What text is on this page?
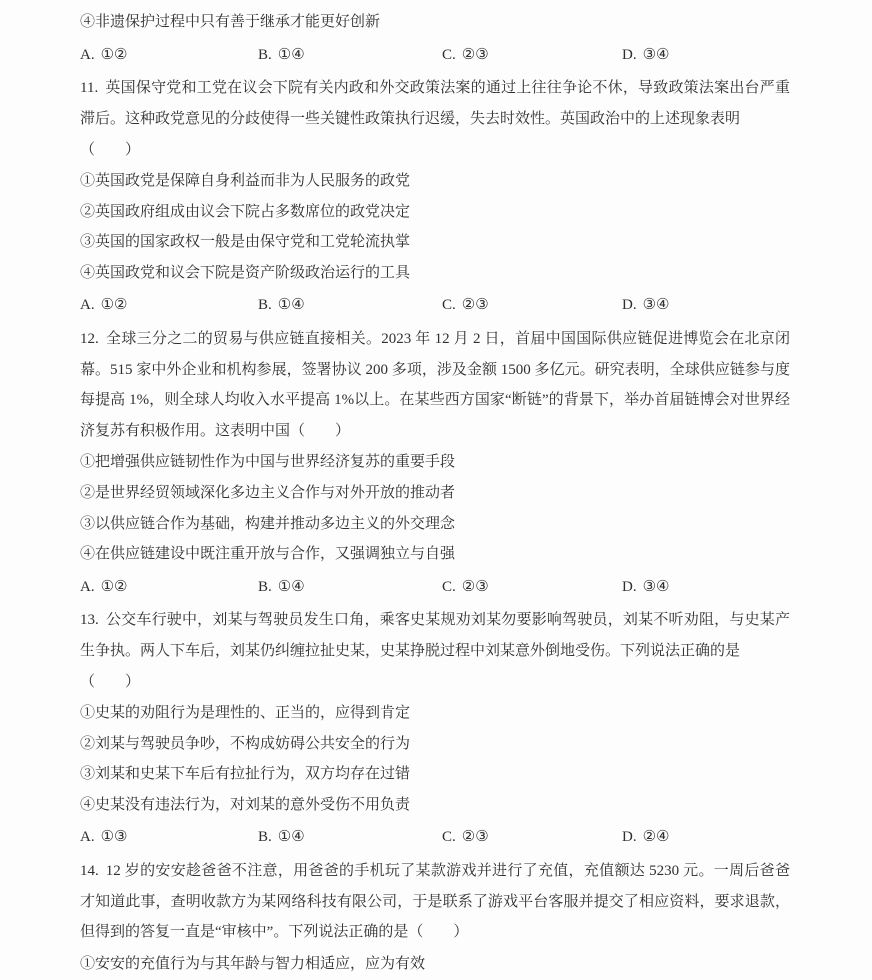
④非遗保护过程中只有善于继承才能更好创新
A. ①②	B. ①④	C. ②③	D. ③④
11. 英国保守党和工党在议会下院有关内政和外交政策法案的通过上往往争论不休，导致政策法案出台严重滞后。这种政党意见的分歧使得一些关键性政策执行迟缓，失去时效性。英国政治中的上述现象表明
（　　）
①英国政党是保障自身利益而非为人民服务的政党
②英国政府组成由议会下院占多数席位的政党决定
③英国的国家政权一般是由保守党和工党轮流执掌
④英国政党和议会下院是资产阶级政治运行的工具
A. ①②	B. ①④	C. ②③	D. ③④
12. 全球三分之二的贸易与供应链直接相关。2023 年 12 月 2 日，首届中国国际供应链促进博览会在北京闭幕。515 家中外企业和机构参展，签署协议 200 多项，涉及金额 1500 多亿元。研究表明，全球供应链参与度每提高 1%，则全球人均收入水平提高 1%以上。在某些西方国家“断链”的背景下，举办首届链博会对世界经济复苏有积极作用。这表明中国（　　）
①把增强供应链韧性作为中国与世界经济复苏的重要手段
②是世界经贸领域深化多边主义合作与对外开放的推动者
③以供应链合作为基础，构建并推动多边主义的外交理念
④在供应链建设中既注重开放与合作，又强调独立与自强
A. ①②	B. ①④	C. ②③	D. ③④
13. 公交车行驶中，刘某与驾驶员发生口角，乘客史某规劝刘某勿要影响驾驶员，刘某不听劝阻，与史某产生争执。两人下车后，刘某仍纠缠拉扯史某，史某挣脱过程中刘某意外倒地受伤。下列说法正确的是
（　　）
①史某的劝阻行为是理性的、正当的，应得到肯定
②刘某与驾驶员争吵，不构成妨碍公共安全的行为
③刘某和史某下车后有拉扯行为，双方均存在过错
④史某没有违法行为，对刘某的意外受伤不用负责
A. ①③	B. ①④	C. ②③	D. ②④
14. 12 岁的安安趁爸爸不注意，用爸爸的手机玩了某款游戏并进行了充值，充值额达 5230 元。一周后爸爸才知道此事，查明收款方为某网络科技有限公司，于是联系了游戏平台客服并提交了相应资料，要求退款，但得到的答复一直是“审核中”。下列说法正确的是（　　）
①安安的充值行为与其年龄与智力相适应，应为有效
